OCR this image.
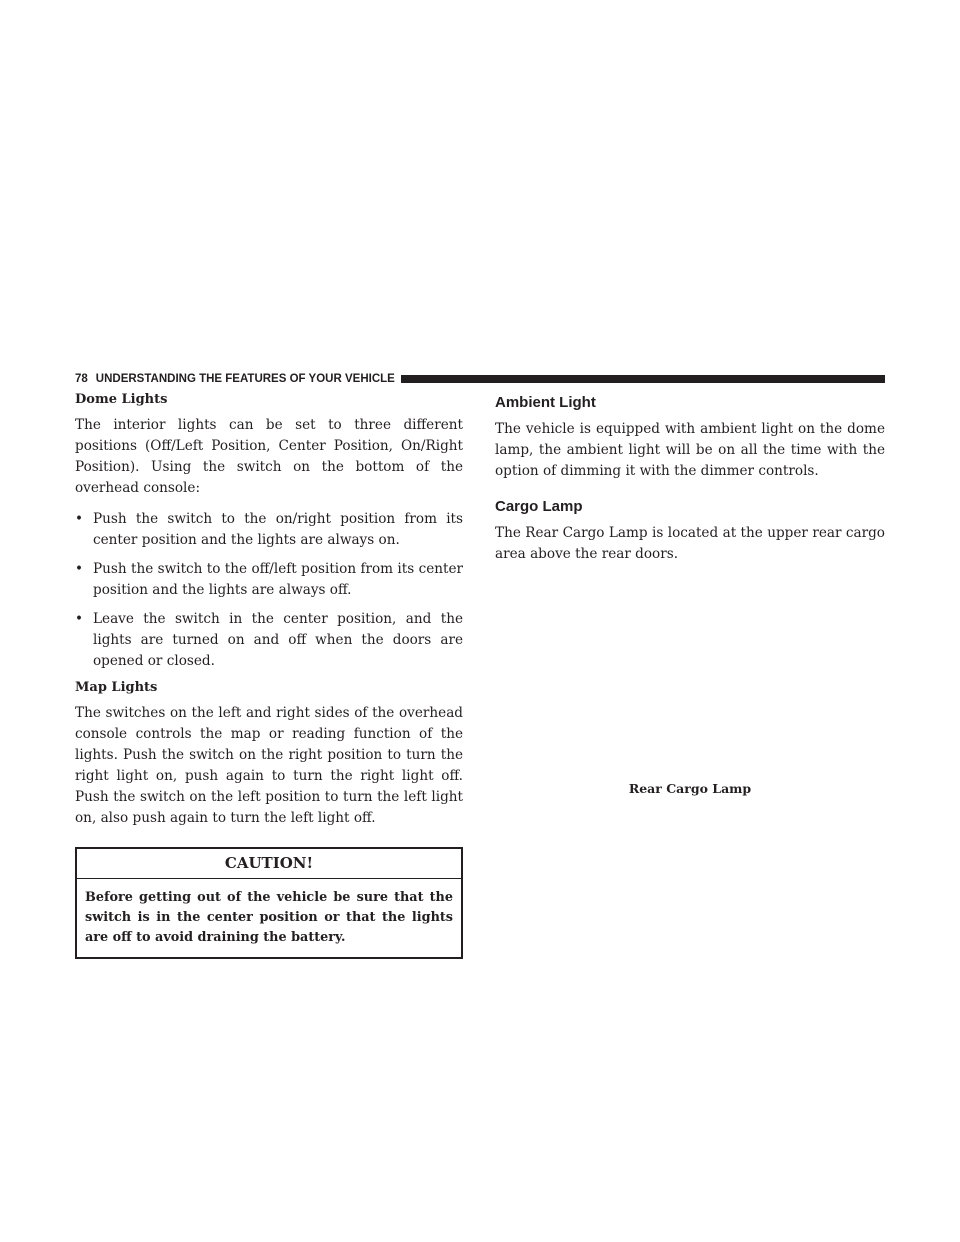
78 UNDERSTANDING THE FEATURES OF YOUR VEHICLE
Dome Lights

The interior lights can be set to three different positions (Off/Left Position, Center Position, On/Right Position). Using the switch on the bottom of the overhead console:

• Push the switch to the on/right position from its center position and the lights are always on.
• Push the switch to the off/left position from its center position and the lights are always off.
• Leave the switch in the center position, and the lights are turned on and off when the doors are opened or closed.
Map Lights

The switches on the left and right sides of the overhead console controls the map or reading function of the lights. Push the switch on the right position to turn the right light on, push again to turn the right light off. Push the switch on the left position to turn the left light on, also push again to turn the left light off.

CAUTION!
Before getting out of the vehicle be sure that the switch is in the center position or that the lights are off to avoid draining the battery.
Ambient Light

The vehicle is equipped with ambient light on the dome lamp, the ambient light will be on all the time with the option of dimming it with the dimmer controls.

Cargo Lamp

The Rear Cargo Lamp is located at the upper rear cargo area above the rear doors.

Rear Cargo Lamp
